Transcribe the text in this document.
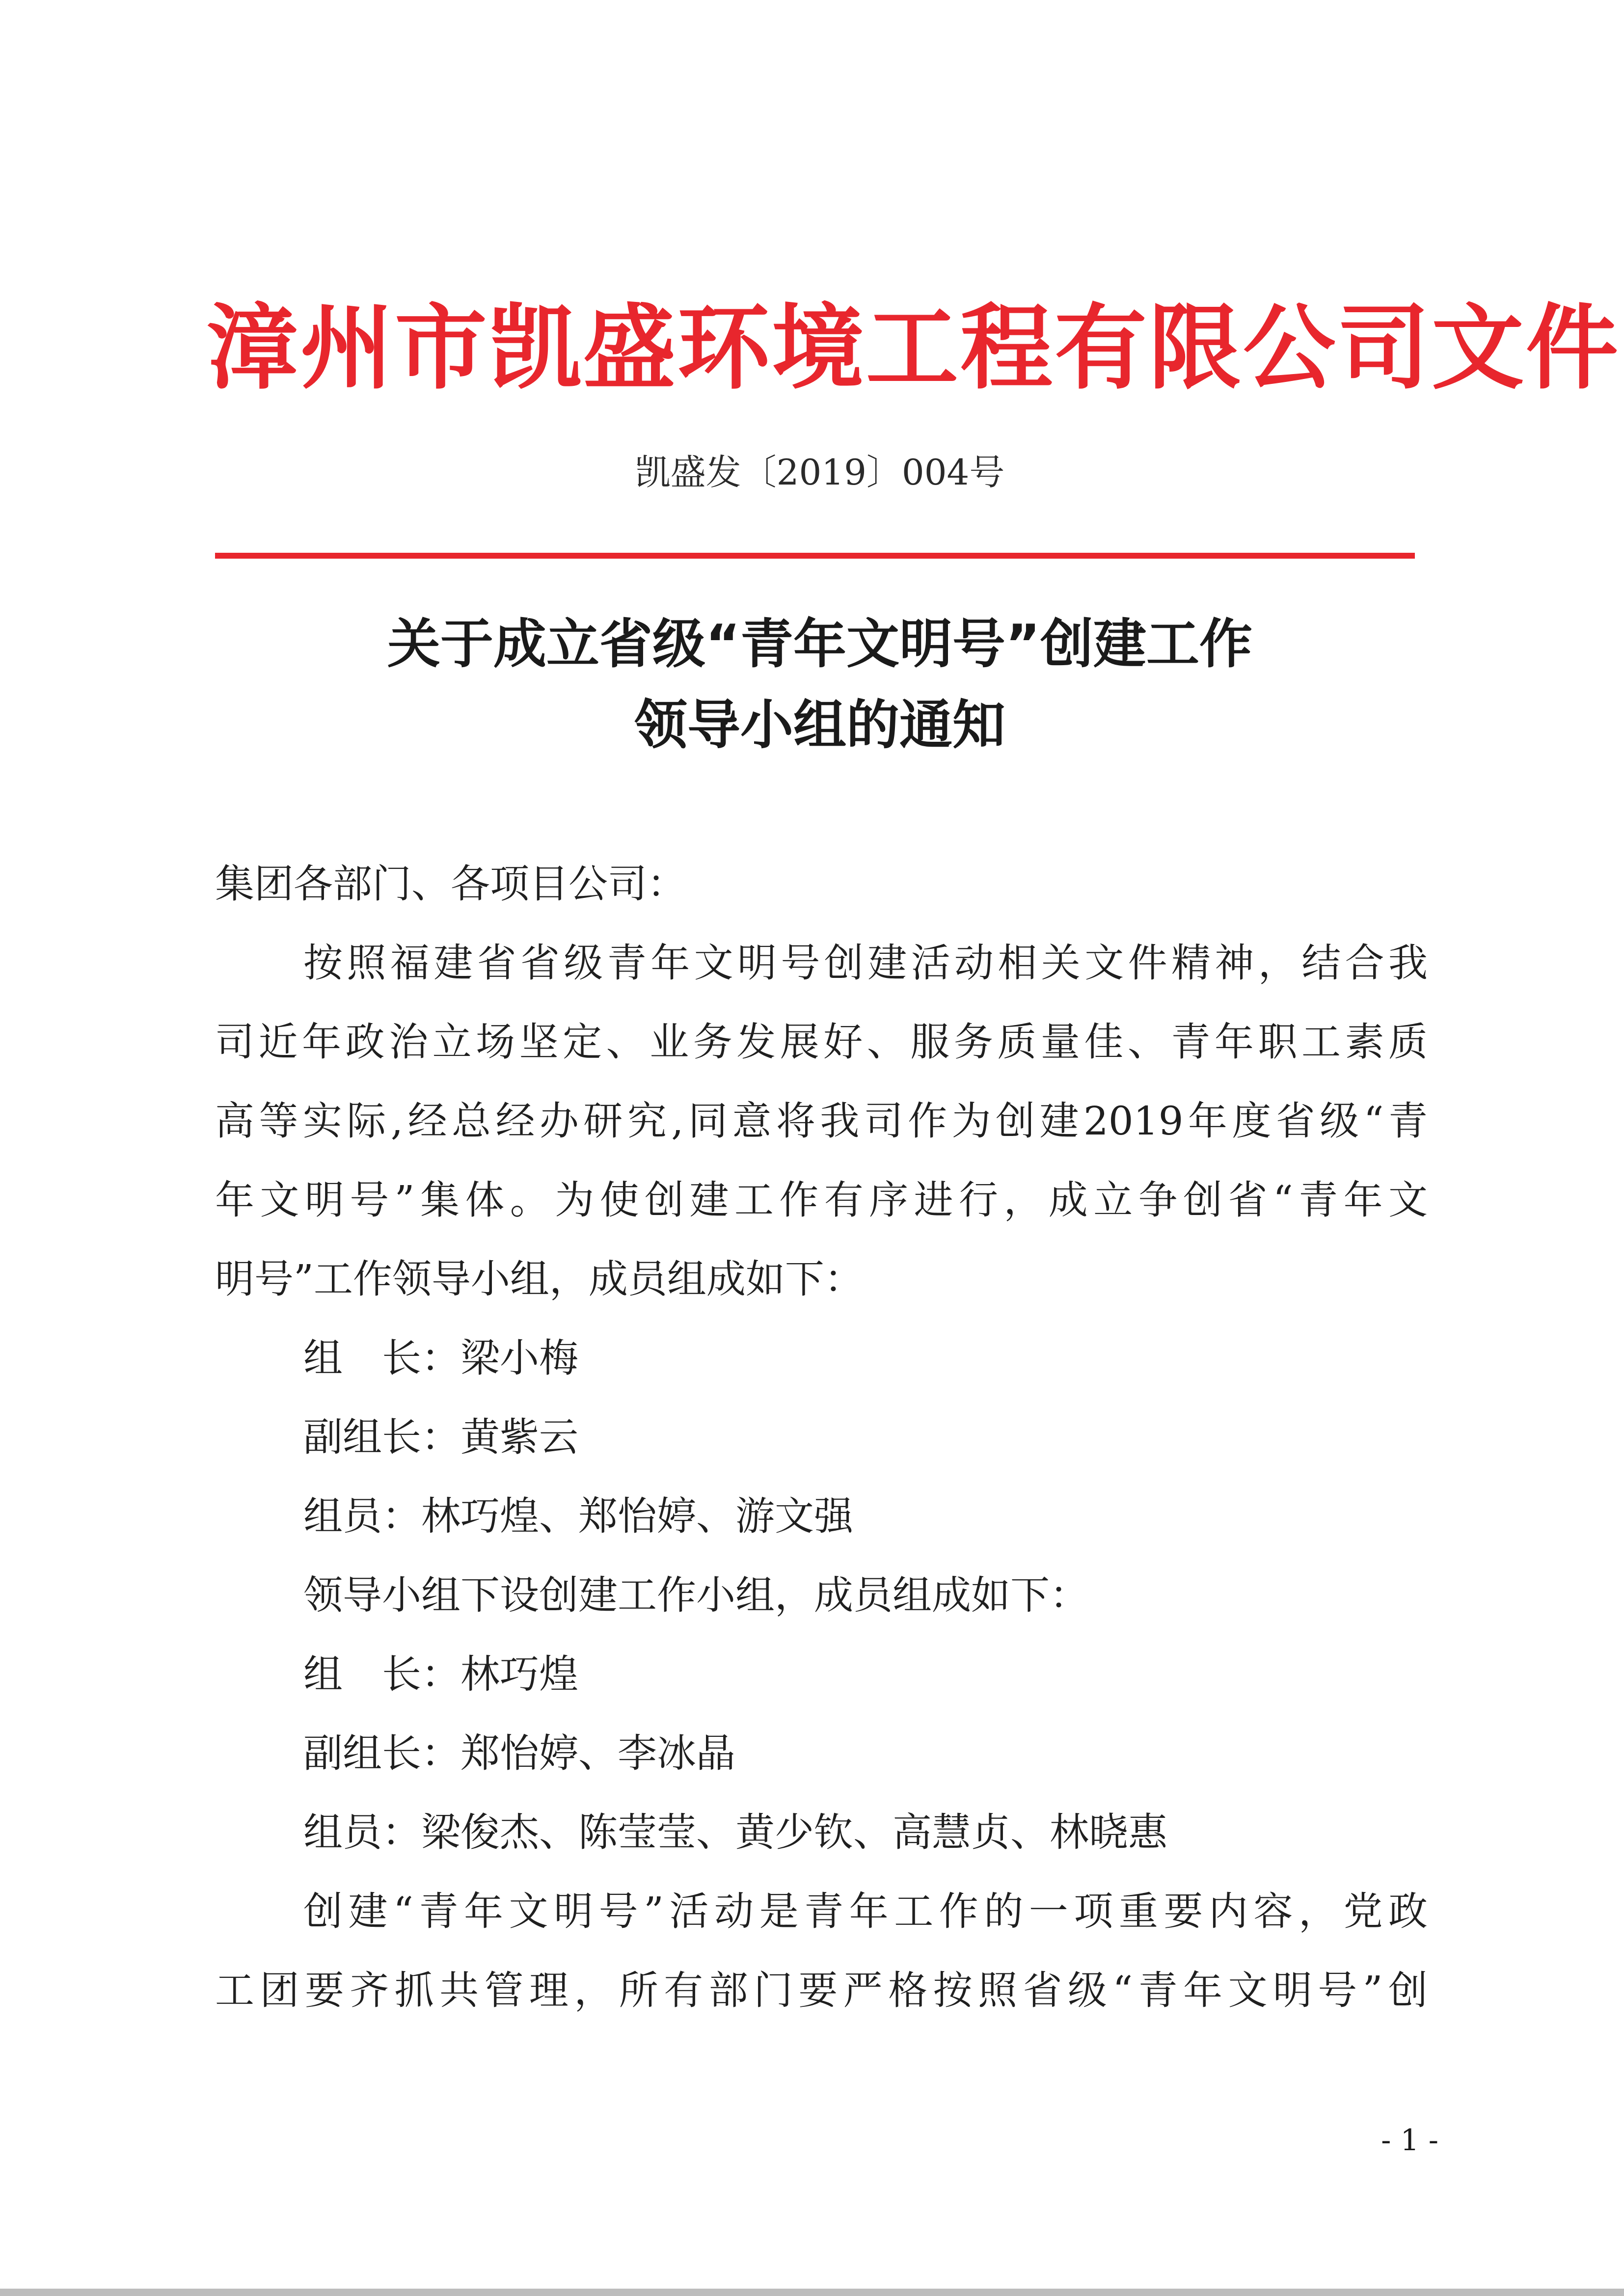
漳州市凯盛环境工程有限公司文件
凯盛发〔2019〕004号
关于成立省级“青年文明号”创建工作
领导小组的通知
集团各部门、各项目公司：
按照福建省省级青年文明号创建活动相关文件精神，结合我
司近年政治立场坚定、业务发展好、服务质量佳、青年职工素质
高等实际,经总经办研究,同意将我司作为创建2019年度省级“青
年文明号”集体。为使创建工作有序进行，成立争创省“青年文
明号”工作领导小组，成员组成如下：
组　长：梁小梅
副组长：黄紫云
组员：林巧煌、郑怡婷、游文强
领导小组下设创建工作小组，成员组成如下：
组　长：林巧煌
副组长：郑怡婷、李冰晶
组员：梁俊杰、陈莹莹、黄少钦、高慧贞、林晓惠
创建“青年文明号”活动是青年工作的一项重要内容，党政
工团要齐抓共管理，所有部门要严格按照省级“青年文明号”创
- 1 -
